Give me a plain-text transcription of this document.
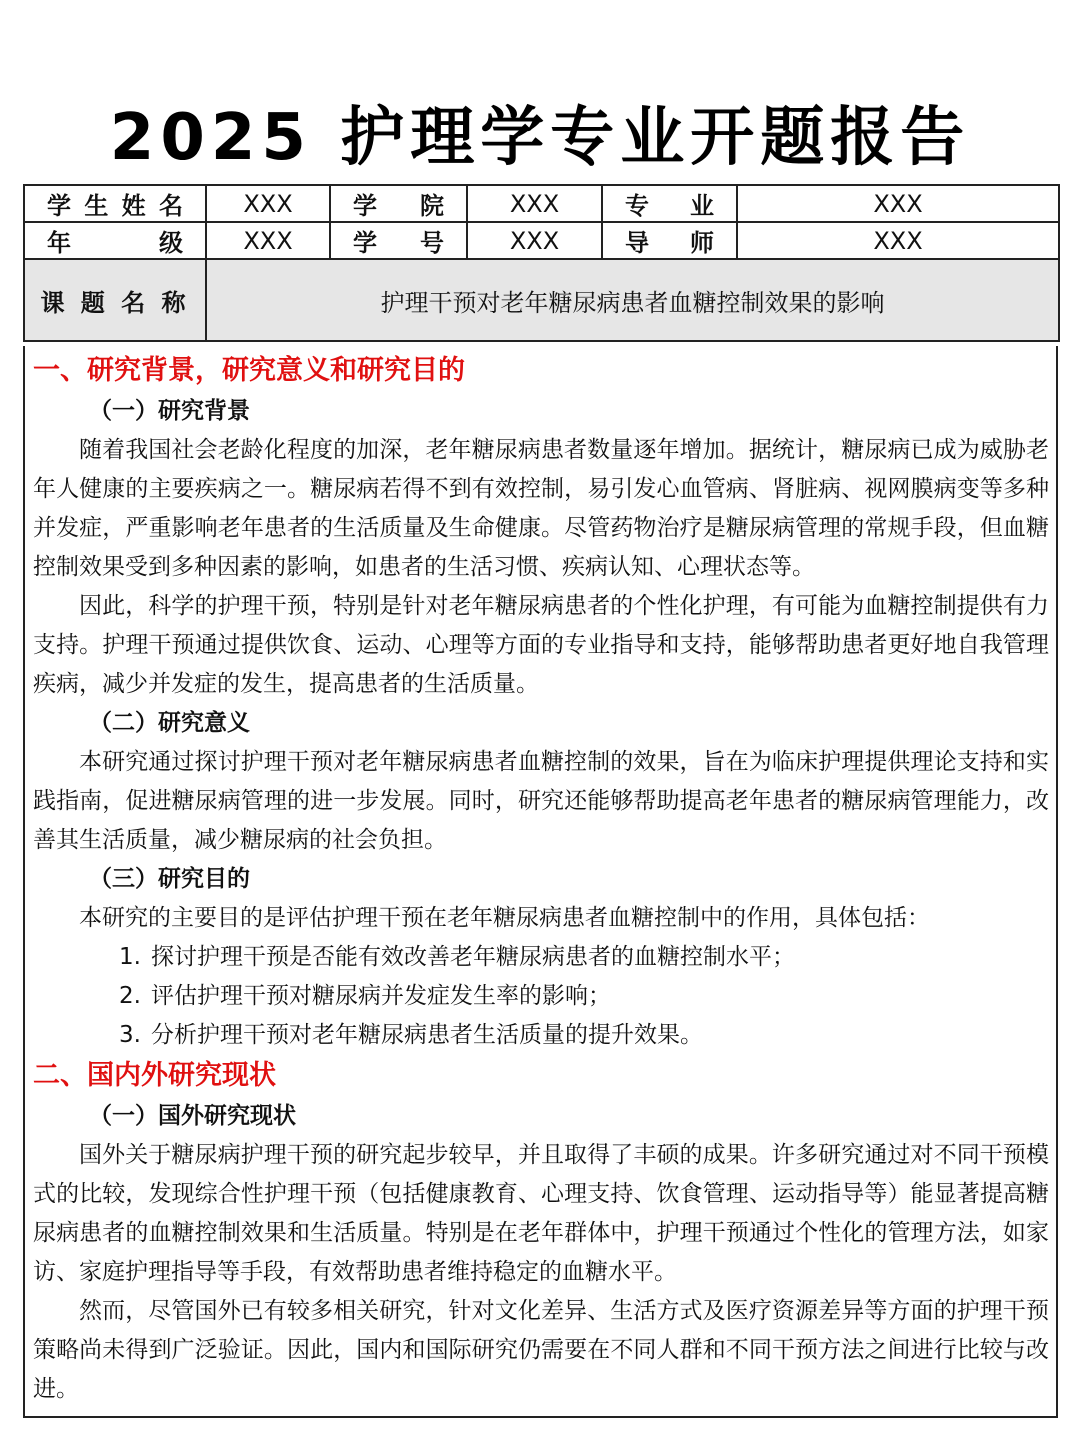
2025 护理学专业开题报告
学 生 姓 名	XXX	学 院	XXX	专 业	XXX

年 级	XXX	学 号	XXX	导 师	XXX
课 题 名 称	护理干预对老年糖尿病患者血糖控制效果的影响				
一、研究背景，研究意义和研究目的
（一）研究背景

随着我国社会老龄化程度的加深，老年糖尿病患者数量逐年增加。据统计，糖尿病已成为威胁老年人健康的主要疾病之一。糖尿病若得不到有效控制，易引发心血管病、肾脏病、视网膜病变等多种并发症，严重影响老年患者的生活质量及生命健康。尽管药物治疗是糖尿病管理的常规手段，但血糖控制效果受到多种因素的影响，如患者的生活习惯、疾病认知、心理状态等。

因此，科学的护理干预，特别是针对老年糖尿病患者的个性化护理，有可能为血糖控制提供有力支持。护理干预通过提供饮食、运动、心理等方面的专业指导和支持，能够帮助患者更好地自我管理疾病，减少并发症的发生，提高患者的生活质量。

（二）研究意义

本研究通过探讨护理干预对老年糖尿病患者血糖控制的效果，旨在为临床护理提供理论支持和实践指南，促进糖尿病管理的进一步发展。同时，研究还能够帮助提高老年患者的糖尿病管理能力，改善其生活质量，减少糖尿病的社会负担。

（三）研究目的

本研究的主要目的是评估护理干预在老年糖尿病患者血糖控制中的作用，具体包括：

1. 探讨护理干预是否能有效改善老年糖尿病患者的血糖控制水平；

2. 评估护理干预对糖尿病并发症发生率的影响；

3. 分析护理干预对老年糖尿病患者生活质量的提升效果。

二、国内外研究现状
（一）国外研究现状

国外关于糖尿病护理干预的研究起步较早，并且取得了丰硕的成果。许多研究通过对不同干预模式的比较，发现综合性护理干预（包括健康教育、心理支持、饮食管理、运动指导等）能显著提高糖尿病患者的血糖控制效果和生活质量。特别是在老年群体中，护理干预通过个性化的管理方法，如家访、家庭护理指导等手段，有效帮助患者维持稳定的血糖水平。

然而，尽管国外已有较多相关研究，针对文化差异、生活方式及医疗资源差异等方面的护理干预策略尚未得到广泛验证。因此，国内和国际研究仍需要在不同人群和不同干预方法之间进行比较与改进。
